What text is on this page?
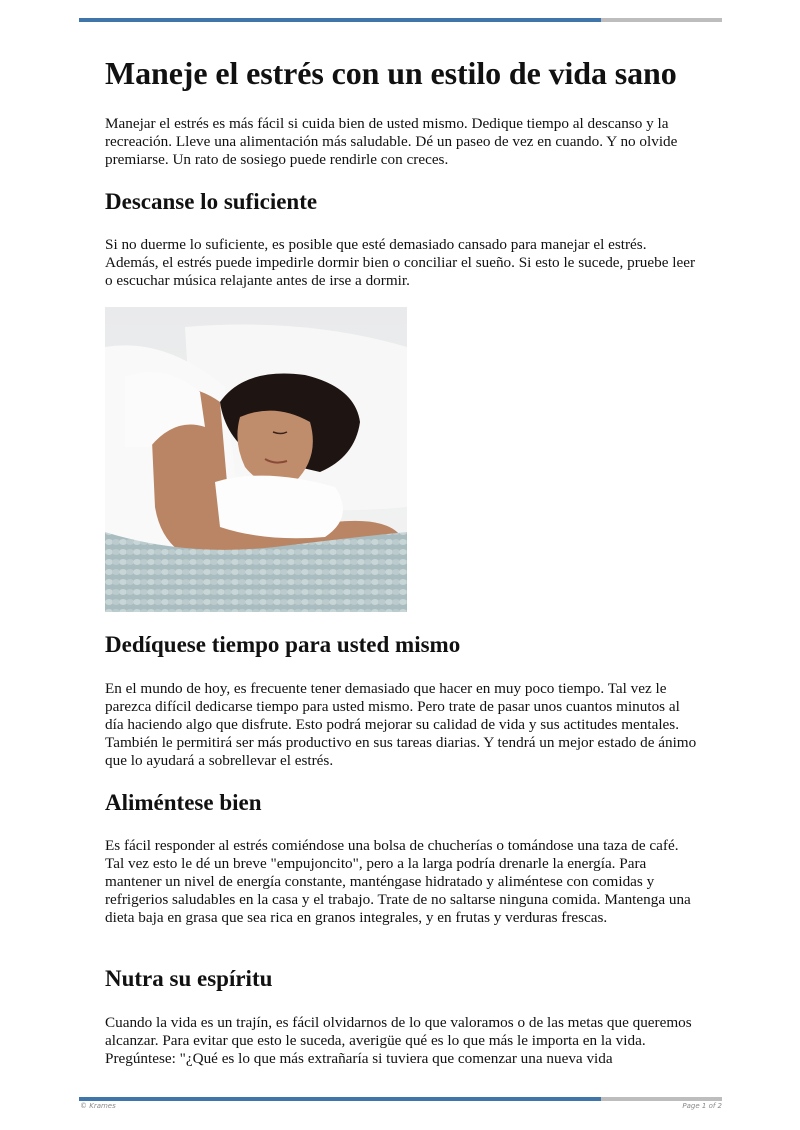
Maneje el estrés con un estilo de vida sano

Manejar el estrés es más fácil si cuida bien de usted mismo. Dedique tiempo al descanso y la recreación. Lleve una alimentación más saludable. Dé un paseo de vez en cuando. Y no olvide premiarse. Un rato de sosiego puede rendirle con creces.

Descanse lo suficiente

Si no duerme lo suficiente, es posible que esté demasiado cansado para manejar el estrés. Además, el estrés puede impedirle dormir bien o conciliar el sueño. Si esto le sucede, pruebe leer o escuchar música relajante antes de irse a dormir.

Dedíquese tiempo para usted mismo

En el mundo de hoy, es frecuente tener demasiado que hacer en muy poco tiempo. Tal vez le parezca difícil dedicarse tiempo para usted mismo. Pero trate de pasar unos cuantos minutos al día haciendo algo que disfrute. Esto podrá mejorar su calidad de vida y sus actitudes mentales. También le permitirá ser más productivo en sus tareas diarias. Y tendrá un mejor estado de ánimo que lo ayudará a sobrellevar el estrés.

Aliméntese bien

Es fácil responder al estrés comiéndose una bolsa de chucherías o tomándose una taza de café. Tal vez esto le dé un breve "empujoncito", pero a la larga podría drenarle la energía. Para mantener un nivel de energía constante, manténgase hidratado y aliméntese con comidas y refrigerios saludables en la casa y el trabajo. Trate de no saltarse ninguna comida. Mantenga una dieta baja en grasa que sea rica en granos integrales, y en frutas y verduras frescas.

Nutra su espíritu

Cuando la vida es un trajín, es fácil olvidarnos de lo que valoramos o de las metas que queremos alcanzar. Para evitar que esto le suceda, averigüe qué es lo que más le importa en la vida. Pregúntese: "¿Qué es lo que más extrañaría si tuviera que comenzar una nueva vida

© Krames	Page 1 of 2
